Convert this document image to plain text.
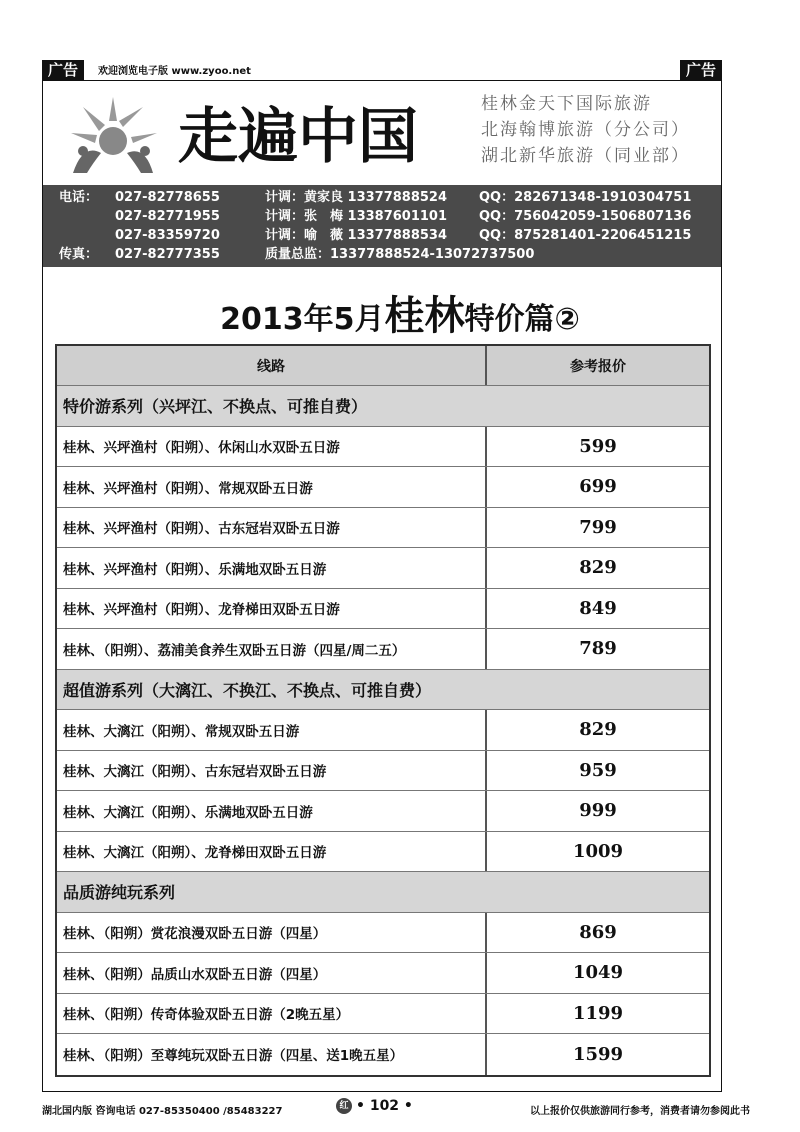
广告	欢迎浏览电子版 www.zyoo.net	广告
走遍中国	桂林金天下国际旅游
北海翰博旅游（分公司）
湖北新华旅游（同业部）
电话： 027-82778655	计调：黄家良 13377888524 QQ：282671348-1910304751
027-82771955	计调：张　梅 13387601101 QQ：756042059-1506807136
027-83359720	计调：喻　薇 13377888534 QQ：875281401-2206451215
传真： 027-82777355	质量总监：13377888524-13072737500
2013年5月桂林特价篇②
线路	参考报价
特价游系列（兴坪江、不换点、可推自费）
桂林、兴坪渔村（阳朔）、休闲山水双卧五日游	599
桂林、兴坪渔村（阳朔）、常规双卧五日游	699
桂林、兴坪渔村（阳朔）、古东冠岩双卧五日游	799
桂林、兴坪渔村（阳朔）、乐满地双卧五日游	829
桂林、兴坪渔村（阳朔）、龙脊梯田双卧五日游	849
桂林、（阳朔）、荔浦美食养生双卧五日游（四星/周二五）	789
超值游系列（大漓江、不换江、不换点、可推自费）
桂林、大漓江（阳朔）、常规双卧五日游	829
桂林、大漓江（阳朔）、古东冠岩双卧五日游	959
桂林、大漓江（阳朔）、乐满地双卧五日游	999
桂林、大漓江（阳朔）、龙脊梯田双卧五日游	1009
品质游纯玩系列
桂林、（阳朔）赏花浪漫双卧五日游（四星）	869
桂林、（阳朔）品质山水双卧五日游（四星）	1049
桂林、（阳朔）传奇体验双卧五日游（2晚五星）	1199
桂林、（阳朔）至尊纯玩双卧五日游（四星、送1晚五星）	1599
湖北国内版 咨询电话 027-85350400 /85483227	红 • 102 •	以上报价仅供旅游同行参考，消费者请勿参阅此书
